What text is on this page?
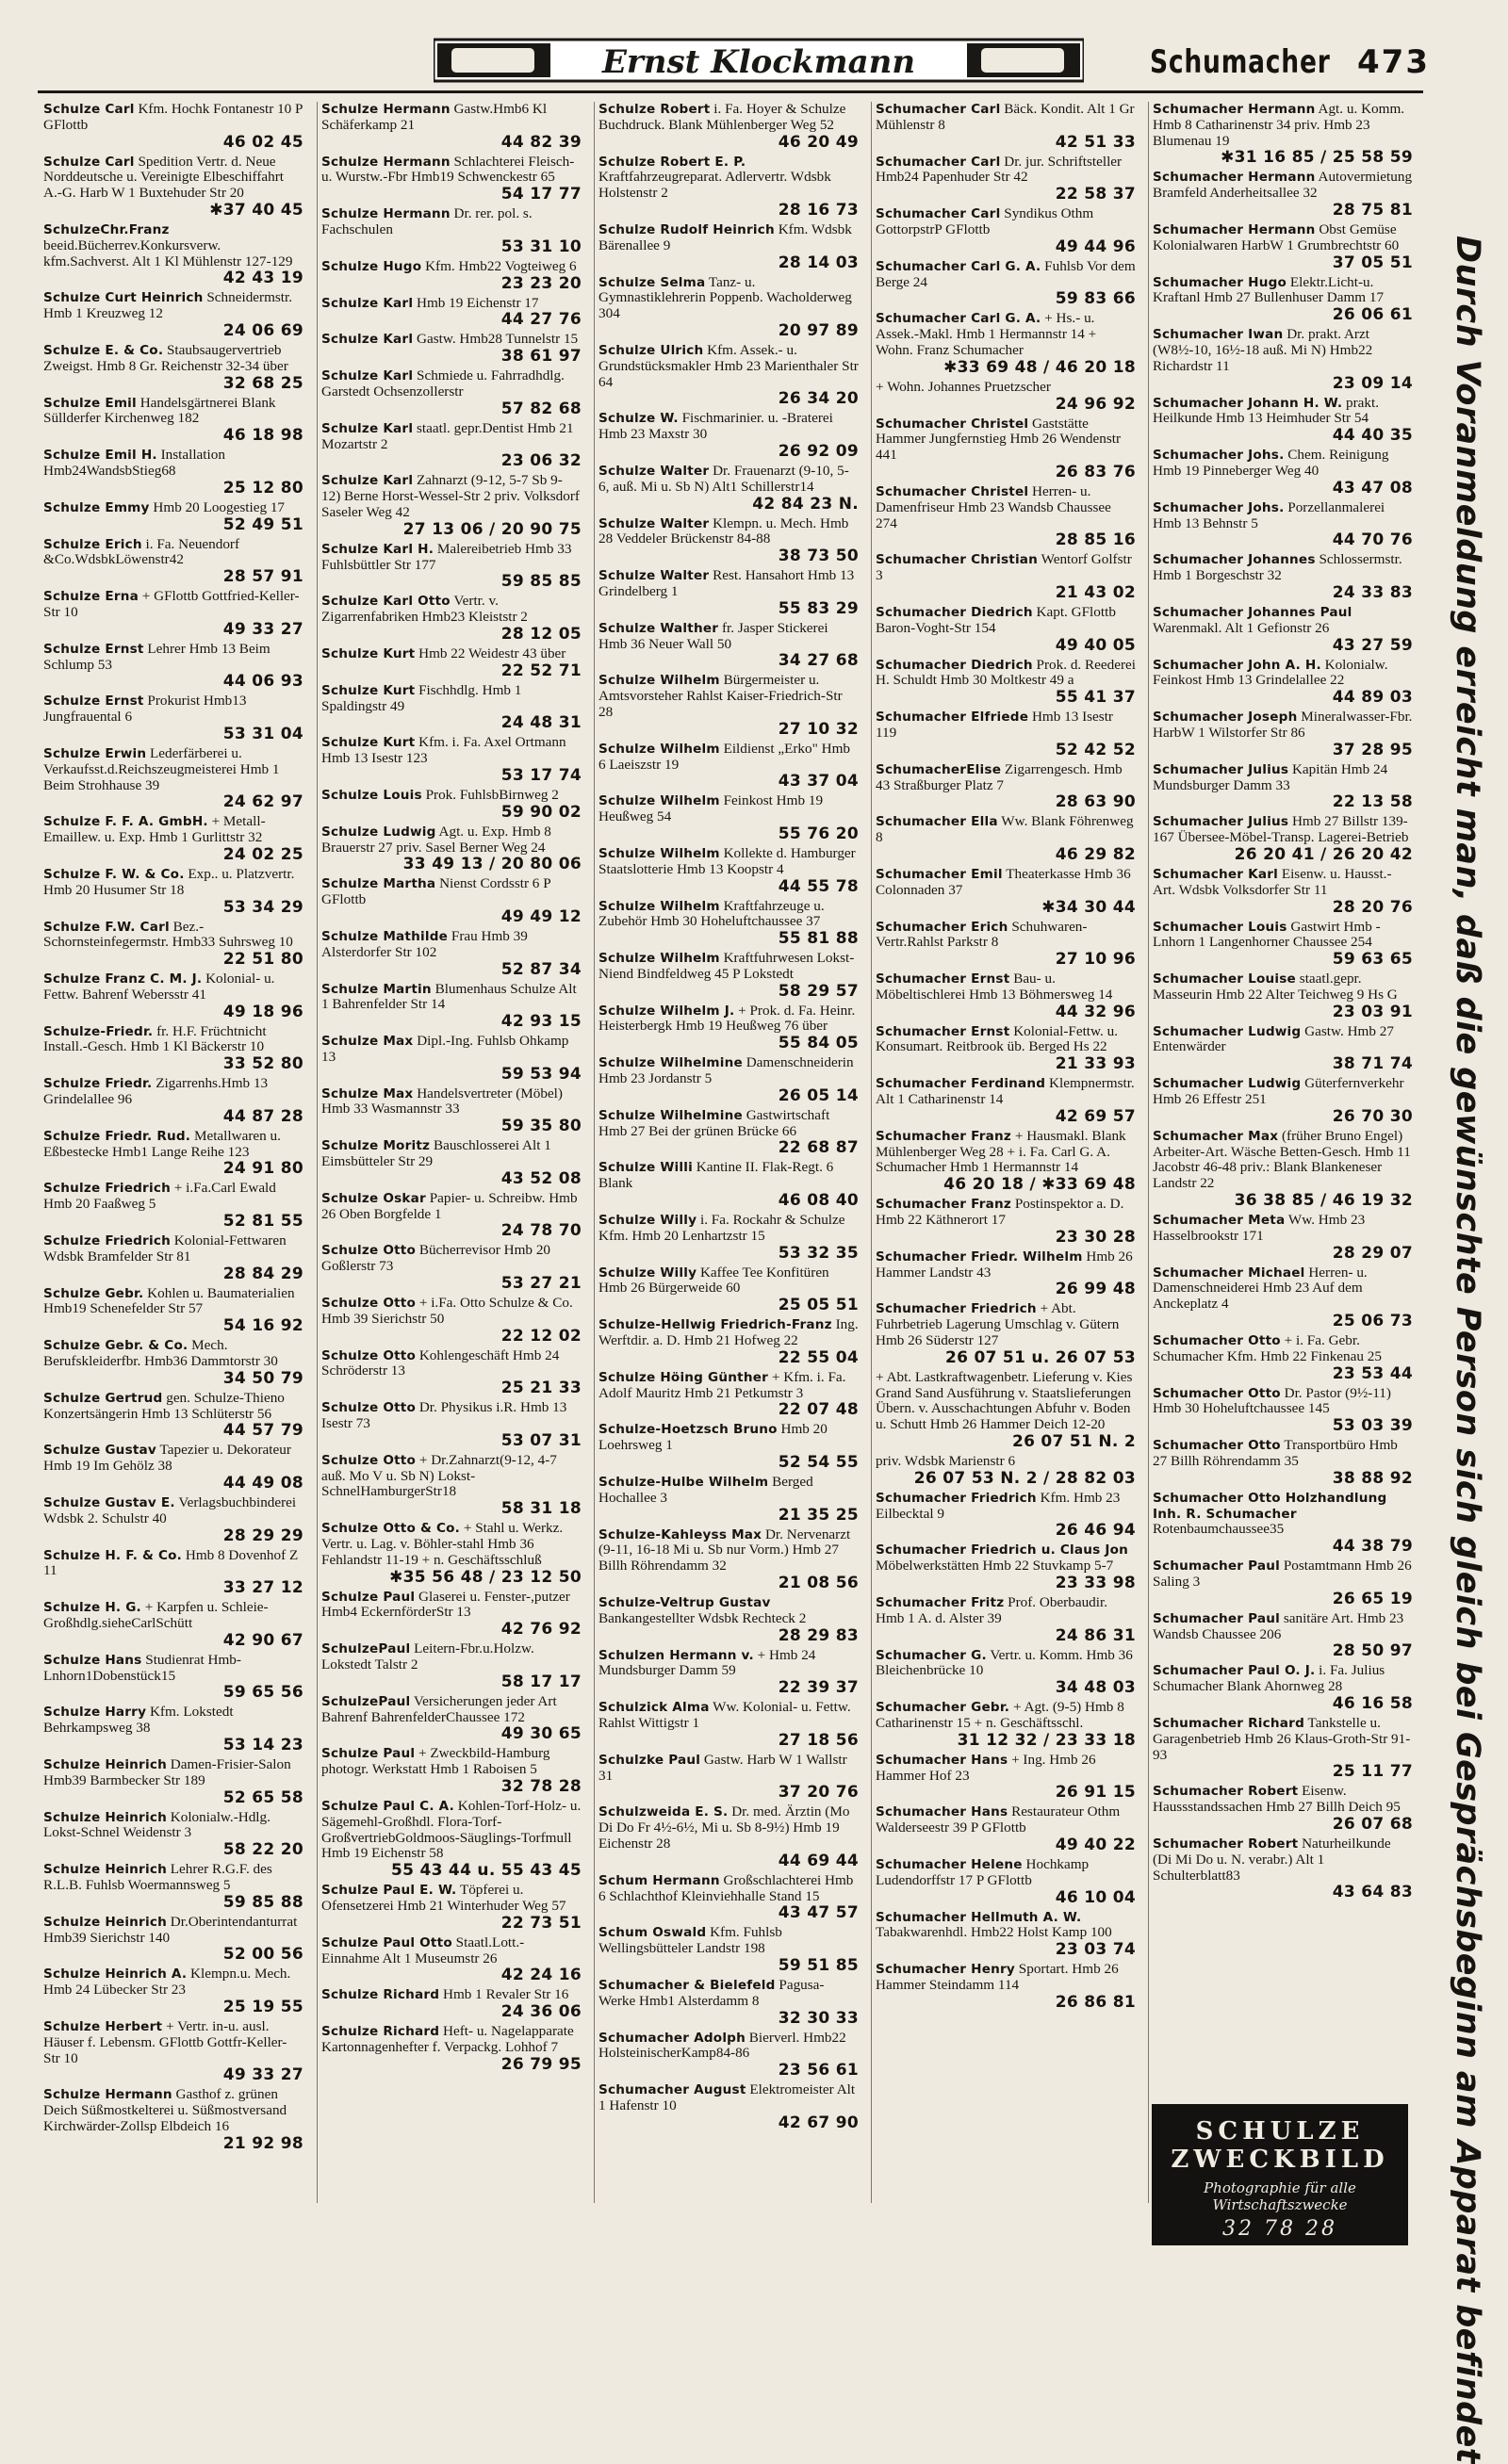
Ernst Klockmann	Schumacher 473
Schulze Carl Kfm. Hochk Fontanestr 10 P GFlottb
46 02 45
Schulze Carl Spedition Vertr. d. Neue Norddeutsche u. Vereinigte Elbeschiffahrt A.-G. Harb W 1 Buxtehuder Str 20
✱37 40 45
SchulzeChr.Franz beeid.Bücherrev.Konkursverw. kfm.Sachverst. Alt 1 Kl Mühlenstr 127-129
42 43 19
Schulze Curt Heinrich Schneidermstr. Hmb 1 Kreuzweg 12
24 06 69
Schulze E. & Co. Staubsaugervertrieb Zweigst. Hmb 8 Gr. Reichenstr 32-34 über
32 68 25
Schulze Emil Handelsgärtnerei Blank Süllderfer Kirchenweg 182
46 18 98
Schulze Emil H. Installation Hmb24WandsbStieg68
25 12 80
Schulze Emmy Hmb 20 Loogestieg 17
52 49 51
Schulze Erich i. Fa. Neuendorf &Co.WdsbkLöwenstr42
28 57 91
Schulze Erna + GFlottb Gottfried-Keller-Str 10
49 33 27
Schulze Ernst Lehrer Hmb 13 Beim Schlump 53
44 06 93
Schulze Ernst Prokurist Hmb13 Jungfrauental 6
53 31 04
Schulze Erwin Lederfärberei u. Verkaufsst.d.Reichszeugmeisterei Hmb 1 Beim Strohhause 39
24 62 97
Schulze F. F. A. GmbH. + Metall-Emaillew. u. Exp. Hmb 1 Gurlittstr 32
24 02 25
Schulze F. W. & Co. Exp.. u. Platzvertr. Hmb 20 Husumer Str 18
53 34 29
Schulze F.W. Carl Bez.-Schornsteinfegermstr. Hmb33 Suhrsweg 10
22 51 80
Schulze Franz C. M. J. Kolonial- u. Fettw. Bahrenf Webersstr 41
49 18 96
Schulze-Friedr. fr. H.F. Früchtnicht Install.-Gesch. Hmb 1 Kl Bäckerstr 10
33 52 80
Schulze Friedr. Zigarrenhs.Hmb 13 Grindelallee 96
44 87 28
Schulze Friedr. Rud. Metallwaren u. Eßbestecke Hmb1 Lange Reihe 123
24 91 80
Schulze Friedrich + i.Fa.Carl Ewald Hmb 20 Faaßweg 5
52 81 55
Schulze Friedrich Kolonial-Fettwaren Wdsbk Bramfelder Str 81
28 84 29
Schulze Gebr. Kohlen u. Baumaterialien Hmb19 Schenefelder Str 57
54 16 92
Schulze Gebr. & Co. Mech. Berufskleiderfbr. Hmb36 Dammtorstr 30
34 50 79
Schulze Gertrud gen. Schulze-Thieno Konzertsängerin Hmb 13 Schlüterstr 56
44 57 79
Schulze Gustav Tapezier u. Dekorateur Hmb 19 Im Gehölz 38
44 49 08
Schulze Gustav E. Verlagsbuchbinderei Wdsbk 2. Schulstr 40
28 29 29
Schulze H. F. & Co. Hmb 8 Dovenhof Z 11
33 27 12
Schulze H. G. + Karpfen u. Schleie-Großhdlg.sieheCarlSchütt
42 90 67
Schulze Hans Studienrat Hmb-Lnhorn1Dobenstück15
59 65 56
Schulze Harry Kfm. Lokstedt Behrkampsweg 38
53 14 23
Schulze Heinrich Damen-Frisier-Salon Hmb39 Barmbecker Str 189
52 65 58
Schulze Heinrich Kolonialw.-Hdlg. Lokst-Schnel Weidenstr 3
58 22 20
Schulze Heinrich Lehrer R.G.F. des R.L.B. Fuhlsb Woermannsweg 5
59 85 88
Schulze Heinrich Dr.Oberintendanturrat Hmb39 Sierichstr 140
52 00 56
Schulze Heinrich A. Klempn.u. Mech. Hmb 24 Lübecker Str 23
25 19 55
Schulze Herbert + Vertr. in-u. ausl. Häuser f. Lebensm. GFlottb Gottfr-Keller-Str 10
49 33 27
Schulze Hermann Gasthof z. grünen Deich Süßmostkelterei u. Süßmostversand Kirchwärder-Zollsp Elbdeich 16
21 92 98
Schulze Hermann Gastw.Hmb6 Kl Schäferkamp 21
44 82 39
Schulze Hermann Schlachterei Fleisch- u. Wurstw.-Fbr Hmb19 Schwenckestr 65
54 17 77
Schulze Hermann Dr. rer. pol. s. Fachschulen
53 31 10
Schulze Hugo Kfm. Hmb22 Vogteiweg 6
23 23 20
Schulze Karl Hmb 19 Eichenstr 17
44 27 76
Schulze Karl Gastw. Hmb28 Tunnelstr 15
38 61 97
Schulze Karl Schmiede u. Fahrradhdlg. Garstedt Ochsenzollerstr
57 82 68
Schulze Karl staatl. gepr.Dentist Hmb 21 Mozartstr 2
23 06 32
Schulze Karl Zahnarzt (9-12, 5-7 Sb 9-12) Berne Horst-Wessel-Str 2 priv. Volksdorf Saseler Weg 42
27 13 06 / 20 90 75
Schulze Karl H. Malereibetrieb Hmb 33 Fuhlsbüttler Str 177
59 85 85
Schulze Karl Otto Vertr. v. Zigarrenfabriken Hmb23 Kleiststr 2
28 12 05
Schulze Kurt Hmb 22 Weidestr 43 über
22 52 71
Schulze Kurt Fischhdlg. Hmb 1 Spaldingstr 49
24 48 31
Schulze Kurt Kfm. i. Fa. Axel Ortmann Hmb 13 Isestr 123
53 17 74
Schulze Louis Prok. FuhlsbBirnweg 2
59 90 02
Schulze Ludwig Agt. u. Exp. Hmb 8 Brauerstr 27 priv. Sasel Berner Weg 24
33 49 13 / 20 80 06
Schulze Martha Nienst Cordsstr 6 P GFlottb
49 49 12
Schulze Mathilde Frau Hmb 39 Alsterdorfer Str 102
52 87 34
Schulze Martin Blumenhaus Schulze Alt 1 Bahrenfelder Str 14
42 93 15
Schulze Max Dipl.-Ing. Fuhlsb Ohkamp 13
59 53 94
Schulze Max Handelsvertreter (Möbel) Hmb 33 Wasmannstr 33
59 35 80
Schulze Moritz Bauschlosserei Alt 1 Eimsbütteler Str 29
43 52 08
Schulze Oskar Papier- u. Schreibw. Hmb 26 Oben Borgfelde 1
24 78 70
Schulze Otto Bücherrevisor Hmb 20 Goßlerstr 73
53 27 21
Schulze Otto + i.Fa. Otto Schulze & Co. Hmb 39 Sierichstr 50
22 12 02
Schulze Otto Kohlengeschäft Hmb 24 Schröderstr 13
25 21 33
Schulze Otto Dr. Physikus i.R. Hmb 13 Isestr 73
53 07 31
Schulze Otto + Dr.Zahnarzt(9-12, 4-7 auß. Mo V u. Sb N) Lokst-SchnelHamburgerStr18
58 31 18
Schulze Otto & Co. + Stahl u. Werkz. Vertr. u. Lag. v. Böhler-stahl Hmb 36 Fehlandstr 11-19 + n. Geschäftsschluß
✱35 56 48 / 23 12 50
Schulze Paul Glaserei u. Fenster-,putzer Hmb4 EckernförderStr 13
42 76 92
SchulzePaul Leitern-Fbr.u.Holzw. Lokstedt Talstr 2
58 17 17
SchulzePaul Versicherungen jeder Art Bahrenf BahrenfelderChaussee 172
49 30 65
Schulze Paul + Zweckbild-Hamburg photogr. Werkstatt Hmb 1 Raboisen 5
32 78 28
Schulze Paul C. A. Kohlen-Torf-Holz- u. Sägemehl-Großhdl. Flora-Torf-GroßvertriebGoldmoos-Säuglings-Torfmull Hmb 19 Eichenstr 58
55 43 44 u. 55 43 45
Schulze Paul E. W. Töpferei u. Ofensetzerei Hmb 21 Winterhuder Weg 57
22 73 51
Schulze Paul Otto Staatl.Lott.-Einnahme Alt 1 Museumstr 26
42 24 16
Schulze Richard Hmb 1 Revaler Str 16
24 36 06
Schulze Richard Heft- u. Nagelapparate Kartonnagenhefter f. Verpackg. Lohhof 7
26 79 95
Schulze Robert i. Fa. Hoyer & Schulze Buchdruck. Blank Mühlenberger Weg 52
46 20 49
Schulze Robert E. P. Kraftfahrzeugreparat. Adlervertr. Wdsbk Holstenstr 2
28 16 73
Schulze Rudolf Heinrich Kfm. Wdsbk Bärenallee 9
28 14 03
Schulze Selma Tanz- u. Gymnastiklehrerin Poppenb. Wacholderweg 304
20 97 89
Schulze Ulrich Kfm. Assek.- u. Grundstücksmakler Hmb 23 Marienthaler Str 64
26 34 20
Schulze W. Fischmarinier. u. -Braterei Hmb 23 Maxstr 30
26 92 09
Schulze Walter Dr. Frauenarzt (9-10, 5-6, auß. Mi u. Sb N) Alt1 Schillerstr14
42 84 23 N.
Schulze Walter Klempn. u. Mech. Hmb 28 Veddeler Brückenstr 84-88
38 73 50
Schulze Walter Rest. Hansahort Hmb 13 Grindelberg 1
55 83 29
Schulze Walther fr. Jasper Stickerei Hmb 36 Neuer Wall 50
34 27 68
Schulze Wilhelm Bürgermeister u. Amtsvorsteher Rahlst Kaiser-Friedrich-Str 28
27 10 32
Schulze Wilhelm Eildienst „Erko" Hmb 6 Laeiszstr 19
43 37 04
Schulze Wilhelm Feinkost Hmb 19 Heußweg 54
55 76 20
Schulze Wilhelm Kollekte d. Hamburger Staatslotterie Hmb 13 Koopstr 4
44 55 78
Schulze Wilhelm Kraftfahrzeuge u. Zubehör Hmb 30 Hoheluftchaussee 37
55 81 88
Schulze Wilhelm Kraftfuhrwesen Lokst-Niend Bindfeldweg 45 P Lokstedt
58 29 57
Schulze Wilhelm J. + Prok. d. Fa. Heinr. Heisterbergk Hmb 19 Heußweg 76 über
55 84 05
Schulze Wilhelmine Damenschneiderin Hmb 23 Jordanstr 5
26 05 14
Schulze Wilhelmine Gastwirtschaft Hmb 27 Bei der grünen Brücke 66
22 68 87
Schulze Willi Kantine II. Flak-Regt. 6 Blank
46 08 40
Schulze Willy i. Fa. Rockahr & Schulze Kfm. Hmb 20 Lenhartzstr 15
53 32 35
Schulze Willy Kaffee Tee Konfitüren Hmb 26 Bürgerweide 60
25 05 51
Schulze-Hellwig Friedrich-Franz Ing. Werftdir. a. D. Hmb 21 Hofweg 22
22 55 04
Schulze Höing Günther + Kfm. i. Fa. Adolf Mauritz Hmb 21 Petkumstr 3
22 07 48
Schulze-Hoetzsch Bruno Hmb 20 Loehrsweg 1
52 54 55
Schulze-Hulbe Wilhelm Berged Hochallee 3
21 35 25
Schulze-Kahleyss Max Dr. Nervenarzt (9-11, 16-18 Mi u. Sb nur Vorm.) Hmb 27 Billh Röhrendamm 32
21 08 56
Schulze-Veltrup Gustav Bankangestellter Wdsbk Rechteck 2
28 29 83
Schulzen Hermann v. + Hmb 24 Mundsburger Damm 59
22 39 37
Schulzick Alma Ww. Kolonial- u. Fettw. Rahlst Wittigstr 1
27 18 56
Schulzke Paul Gastw. Harb W 1 Wallstr 31
37 20 76
Schulzweida E. S. Dr. med. Ärztin (Mo Di Do Fr 4½-6½, Mi u. Sb 8-9½) Hmb 19 Eichenstr 28
44 69 44
Schum Hermann Großschlachterei Hmb 6 Schlachthof Kleinviehhalle Stand 15
43 47 57
Schum Oswald Kfm. Fuhlsb Wellingsbütteler Landstr 198
59 51 85
Schumacher & Bielefeld Pagusa-Werke Hmb1 Alsterdamm 8
32 30 33
Schumacher Adolph Bierverl. Hmb22 HolsteinischerKamp84-86
23 56 61
Schumacher August Elektromeister Alt 1 Hafenstr 10
42 67 90
Schumacher Carl Bäck. Kondit. Alt 1 Gr Mühlenstr 8
42 51 33
Schumacher Carl Dr. jur. Schriftsteller Hmb24 Papenhuder Str 42
22 58 37
Schumacher Carl Syndikus Othm GottorpstrP GFlottb
49 44 96
Schumacher Carl G. A. Fuhlsb Vor dem Berge 24
59 83 66
Schumacher Carl G. A. + Hs.- u. Assek.-Makl. Hmb 1 Hermannstr 14 + Wohn. Franz Schumacher
✱33 69 48 / 46 20 18
+ Wohn. Johannes Pruetzscher
24 96 92
Schumacher Christel Gaststätte Hammer Jungfernstieg Hmb 26 Wendenstr 441
26 83 76
Schumacher Christel Herren- u. Damenfriseur Hmb 23 Wandsb Chaussee 274
28 85 16
Schumacher Christian Wentorf Golfstr 3
21 43 02
Schumacher Diedrich Kapt. GFlottb Baron-Voght-Str 154
49 40 05
Schumacher Diedrich Prok. d. Reederei H. Schuldt Hmb 30 Moltkestr 49 a
55 41 37
Schumacher Elfriede Hmb 13 Isestr 119
52 42 52
SchumacherElise Zigarrengesch. Hmb 43 Straßburger Platz 7
28 63 90
Schumacher Ella Ww. Blank Föhrenweg 8
46 29 82
Schumacher Emil Theaterkasse Hmb 36 Colonnaden 37
✱34 30 44
Schumacher Erich Schuhwaren-Vertr.Rahlst Parkstr 8
27 10 96
Schumacher Ernst Bau- u. Möbeltischlerei Hmb 13 Böhmersweg 14
44 32 96
Schumacher Ernst Kolonial-Fettw. u. Konsumart. Reitbrook üb. Berged Hs 22
21 33 93
Schumacher Ferdinand Klempnermstr. Alt 1 Catharinenstr 14
42 69 57
Schumacher Franz + Hausmakl. Blank Mühlenberger Weg 28 + i. Fa. Carl G. A. Schumacher Hmb 1 Hermannstr 14
46 20 18 / ✱33 69 48
Schumacher Franz Postinspektor a. D. Hmb 22 Käthnerort 17
23 30 28
Schumacher Friedr. Wilhelm Hmb 26 Hammer Landstr 43
26 99 48
Schumacher Friedrich + Abt. Fuhrbetrieb Lagerung Umschlag v. Gütern Hmb 26 Süderstr 127
26 07 51 u. 26 07 53
+ Abt. Lastkraftwagenbetr. Lieferung v. Kies Grand Sand Ausführung v. Staatslieferungen Übern. v. Ausschachtungen Abfuhr v. Boden u. Schutt Hmb 26 Hammer Deich 12-20
26 07 51 N. 2
priv. Wdsbk Marienstr 6
26 07 53 N. 2 / 28 82 03
Schumacher Friedrich Kfm. Hmb 23 Eilbecktal 9
26 46 94
Schumacher Friedrich u. Claus Jon Möbelwerkstätten Hmb 22 Stuvkamp 5-7
23 33 98
Schumacher Fritz Prof. Oberbaudir. Hmb 1 A. d. Alster 39
24 86 31
Schumacher G. Vertr. u. Komm. Hmb 36 Bleichenbrücke 10
34 48 03
Schumacher Gebr. + Agt. (9-5) Hmb 8 Catharinenstr 15 + n. Geschäftsschl.
31 12 32 / 23 33 18
Schumacher Hans + Ing. Hmb 26 Hammer Hof 23
26 91 15
Schumacher Hans Restaurateur Othm Walderseestr 39 P GFlottb
49 40 22
Schumacher Helene Hochkamp Ludendorffstr 17 P GFlottb
46 10 04
Schumacher Hellmuth A. W. Tabakwarenhdl. Hmb22 Holst Kamp 100
23 03 74
Schumacher Henry Sportart. Hmb 26 Hammer Steindamm 114
26 86 81
Schumacher Hermann Agt. u. Komm. Hmb 8 Catharinenstr 34 priv. Hmb 23 Blumenau 19
✱31 16 85 / 25 58 59
Schumacher Hermann Autovermietung Bramfeld Anderheitsallee 32
28 75 81
Schumacher Hermann Obst Gemüse Kolonialwaren HarbW 1 Grumbrechtstr 60
37 05 51
Schumacher Hugo Elektr.Licht-u. Kraftanl Hmb 27 Bullenhuser Damm 17
26 06 61
Schumacher Iwan Dr. prakt. Arzt (W8½-10, 16½-18 auß. Mi N) Hmb22 Richardstr 11
23 09 14
Schumacher Johann H. W. prakt. Heilkunde Hmb 13 Heimhuder Str 54
44 40 35
Schumacher Johs. Chem. Reinigung Hmb 19 Pinneberger Weg 40
43 47 08
Schumacher Johs. Porzellanmalerei Hmb 13 Behnstr 5
44 70 76
Schumacher Johannes Schlossermstr. Hmb 1 Borgeschstr 32
24 33 83
Schumacher Johannes Paul Warenmakl. Alt 1 Gefionstr 26
43 27 59
Schumacher John A. H. Kolonialw. Feinkost Hmb 13 Grindelallee 22
44 89 03
Schumacher Joseph Mineralwasser-Fbr. HarbW 1 Wilstorfer Str 86
37 28 95
Schumacher Julius Kapitän Hmb 24 Mundsburger Damm 33
22 13 58
Schumacher Julius Hmb 27 Billstr 139-167 Übersee-Möbel-Transp. Lagerei-Betrieb
26 20 41 / 26 20 42
Schumacher Karl Eisenw. u. Hausst.-Art. Wdsbk Volksdorfer Str 11
28 20 76
Schumacher Louis Gastwirt Hmb - Lnhorn 1 Langenhorner Chaussee 254
59 63 65
Schumacher Louise staatl.gepr. Masseurin Hmb 22 Alter Teichweg 9 Hs G
23 03 91
Schumacher Ludwig Gastw. Hmb 27 Entenwärder
38 71 74
Schumacher Ludwig Güterfernverkehr Hmb 26 Effestr 251
26 70 30
Schumacher Max (früher Bruno Engel) Arbeiter-Art. Wäsche Betten-Gesch. Hmb 11 Jacobstr 46-48 priv.: Blank Blankeneser Landstr 22
36 38 85 / 46 19 32
Schumacher Meta Ww. Hmb 23 Hasselbrookstr 171
28 29 07
Schumacher Michael Herren- u. Damenschneiderei Hmb 23 Auf dem Anckeplatz 4
25 06 73
Schumacher Otto + i. Fa. Gebr. Schumacher Kfm. Hmb 22 Finkenau 25
23 53 44
Schumacher Otto Dr. Pastor (9½-11) Hmb 30 Hoheluftchaussee 145
53 03 39
Schumacher Otto Transportbüro Hmb 27 Billh Röhrendamm 35
38 88 92
Schumacher Otto Holzhandlung Inh. R. Schumacher Rotenbaumchaussee35
44 38 79
Schumacher Paul Postamtmann Hmb 26 Saling 3
26 65 19
Schumacher Paul sanitäre Art. Hmb 23 Wandsb Chaussee 206
28 50 97
Schumacher Paul O. J. i. Fa. Julius Schumacher Blank Ahornweg 28
46 16 58
Schumacher Richard Tankstelle u. Garagenbetrieb Hmb 26 Klaus-Groth-Str 91-93
25 11 77
Schumacher Robert Eisenw. Haussstandssachen Hmb 27 Billh Deich 95
26 07 68
Schumacher Robert Naturheilkunde (Di Mi Do u. N. verabr.) Alt 1 Schulterblatt83
43 64 83 Durch Voranmeldung erreicht man, daß die gewünschte Person sich gleich bei Gesprächsbeginn am Apparat befindet
SCHULZE
ZWECKBILD
Photographie für alle
Wirtschaftszwecke
32 78 28
